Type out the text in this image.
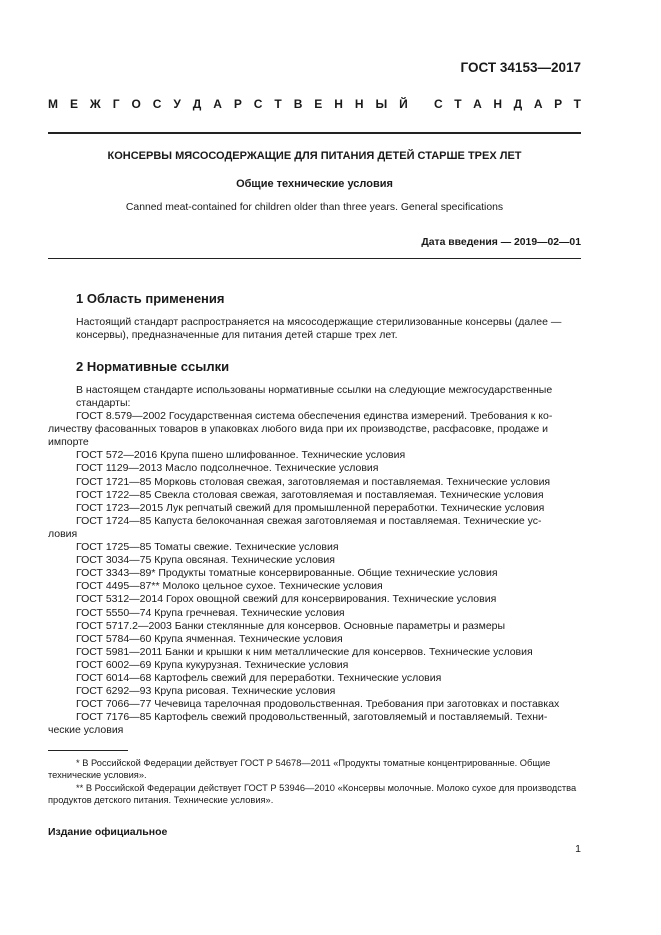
ГОСТ 34153—2017
М Е Ж Г О С У Д А Р С Т В Е Н Н Ы Й С Т А Н Д А Р Т
КОНСЕРВЫ МЯСОСОДЕРЖАЩИЕ ДЛЯ ПИТАНИЯ ДЕТЕЙ СТАРШЕ ТРЕХ ЛЕТ
Общие технические условия
Canned meat-contained for children older than three years. General specifications
Дата введения — 2019—02—01
1 Область применения
Настоящий стандарт распространяется на мясосодержащие стерилизованные консервы (далее — консервы), предназначенные для питания детей старше трех лет.
2 Нормативные ссылки
В настоящем стандарте использованы нормативные ссылки на следующие межгосударственные стандарты:
ГОСТ 8.579—2002 Государственная система обеспечения единства измерений. Требования к ко-
личеству фасованных товаров в упаковках любого вида при их производстве, расфасовке, продаже и
импорте
ГОСТ 572—2016 Крупа пшено шлифованное. Технические условия
ГОСТ 1129—2013 Масло подсолнечное. Технические условия
ГОСТ 1721—85 Морковь столовая свежая, заготовляемая и поставляемая. Технические условия
ГОСТ 1722—85 Свекла столовая свежая, заготовляемая и поставляемая. Технические условия
ГОСТ 1723—2015 Лук репчатый свежий для промышленной переработки. Технические условия
ГОСТ 1724—85 Капуста белокочанная свежая заготовляемая и поставляемая. Технические ус-
ловия
ГОСТ 1725—85 Томаты свежие. Технические условия
ГОСТ 3034—75 Крупа овсяная. Технические условия
ГОСТ 3343—89* Продукты томатные консервированные. Общие технические условия
ГОСТ 4495—87** Молоко цельное сухое. Технические условия
ГОСТ 5312—2014 Горох овощной свежий для консервирования. Технические условия
ГОСТ 5550—74 Крупа гречневая. Технические условия
ГОСТ 5717.2—2003 Банки стеклянные для консервов. Основные параметры и размеры
ГОСТ 5784—60 Крупа ячменная. Технические условия
ГОСТ 5981—2011 Банки и крышки к ним металлические для консервов. Технические условия
ГОСТ 6002—69 Крупа кукурузная. Технические условия
ГОСТ 6014—68 Картофель свежий для переработки. Технические условия
ГОСТ 6292—93 Крупа рисовая. Технические условия
ГОСТ 7066—77 Чечевица тарелочная продовольственная. Требования при заготовках и поставках
ГОСТ 7176—85 Картофель свежий продовольственный, заготовляемый и поставляемый. Техни-
ческие условия
* В Российской Федерации действует ГОСТ Р 54678—2011 «Продукты томатные концентрированные. Общие технические условия».
** В Российской Федерации действует ГОСТ Р 53946—2010 «Консервы молочные. Молоко сухое для производства продуктов детского питания. Технические условия».
Издание официальное
1
